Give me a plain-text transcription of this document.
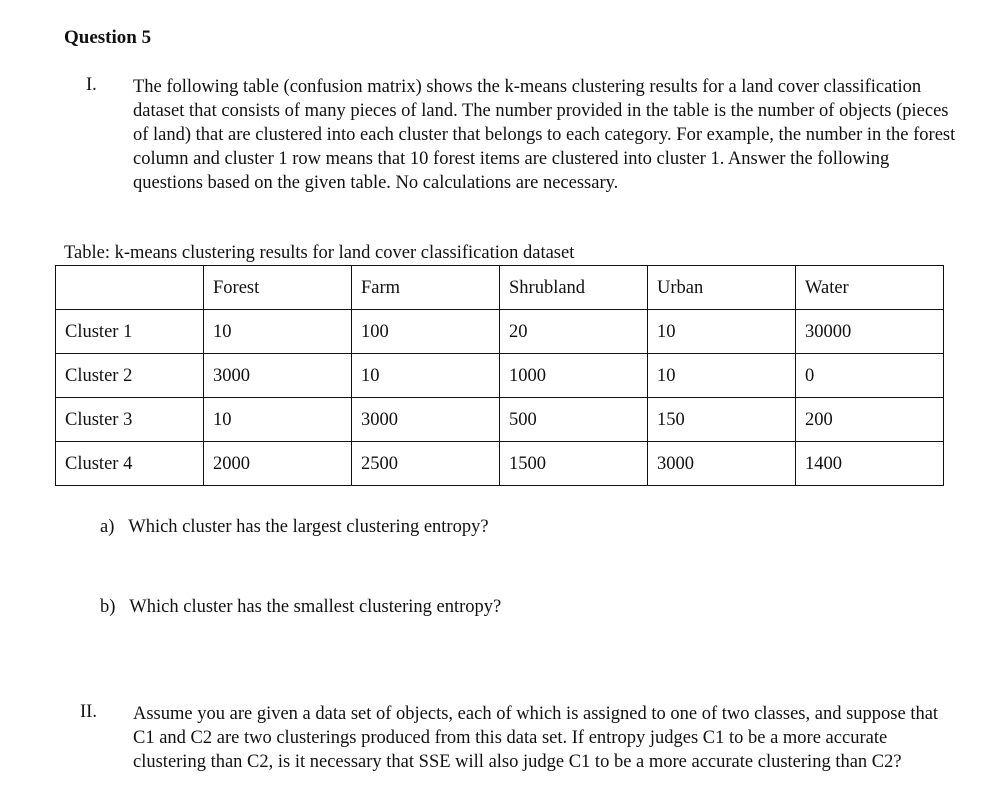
Question 5
I. The following table (confusion matrix) shows the k-means clustering results for a land cover classification dataset that consists of many pieces of land. The number provided in the table is the number of objects (pieces of land) that are clustered into each cluster that belongs to each category. For example, the number in the forest column and cluster 1 row means that 10 forest items are clustered into cluster 1. Answer the following questions based on the given table. No calculations are necessary.
Table: k-means clustering results for land cover classification dataset
	Forest	Farm	Shrubland	Urban	Water
Cluster 1	10	100	20	10	30000
Cluster 2	3000	10	1000	10	0
Cluster 3	10	3000	500	150	200
Cluster 4	2000	2500	1500	3000	1400
a) Which cluster has the largest clustering entropy?
b) Which cluster has the smallest clustering entropy?
II. Assume you are given a data set of objects, each of which is assigned to one of two classes, and suppose that C1 and C2 are two clusterings produced from this data set. If entropy judges C1 to be a more accurate clustering than C2, is it necessary that SSE will also judge C1 to be a more accurate clustering than C2?
